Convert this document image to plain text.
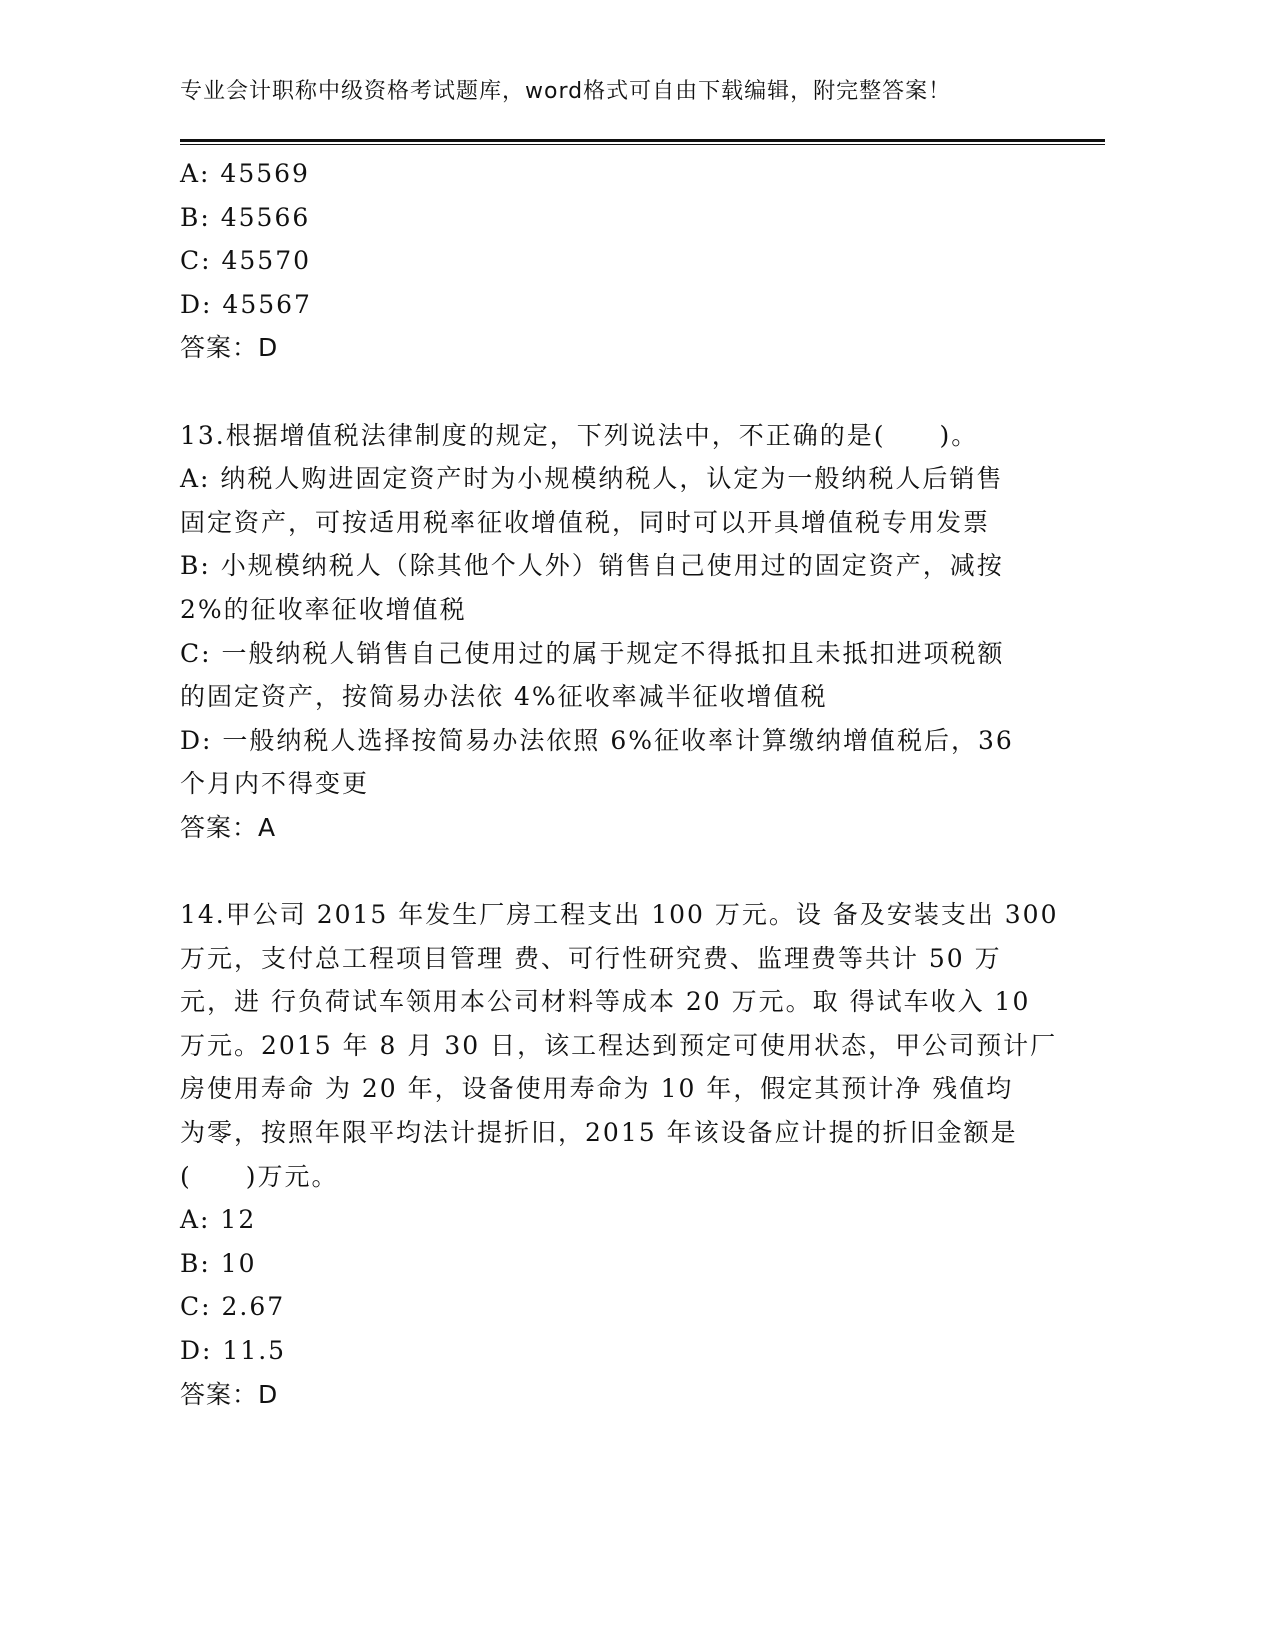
专业会计职称中级资格考试题库，word格式可自由下载编辑，附完整答案！
A: 45569
B: 45566
C: 45570
D: 45567
答案：D
13.根据增值税法律制度的规定，下列说法中，不正确的是(　　)。
A: 纳税人购进固定资产时为小规模纳税人，认定为一般纳税人后销售
固定资产，可按适用税率征收增值税，同时可以开具增值税专用发票
B: 小规模纳税人（除其他个人外）销售自己使用过的固定资产，减按
2%的征收率征收增值税
C: 一般纳税人销售自己使用过的属于规定不得抵扣且未抵扣进项税额
的固定资产，按简易办法依 4%征收率减半征收增值税
D: 一般纳税人选择按简易办法依照 6%征收率计算缴纳增值税后，36
个月内不得变更
答案：A
14.甲公司 2015 年发生厂房工程支出 100 万元。设 备及安装支出 300
万元，支付总工程项目管理 费、可行性研究费、监理费等共计 50 万
元，进 行负荷试车领用本公司材料等成本 20 万元。取 得试车收入 10
万元。2015 年 8 月 30 日，该工程达到预定可使用状态，甲公司预计厂
房使用寿命 为 20 年，设备使用寿命为 10 年，假定其预计净 残值均
为零，按照年限平均法计提折旧，2015 年该设备应计提的折旧金额是
(　　)万元。
A: 12
B: 10
C: 2.67
D: 11.5
答案：D
